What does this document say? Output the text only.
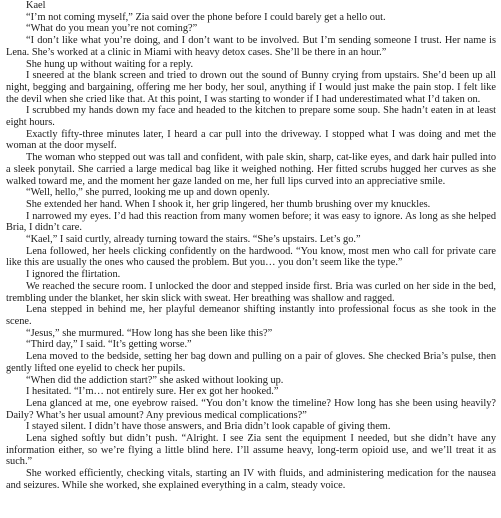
Kael

“I’m not coming myself,” Zia said over the phone before I could barely get a hello out.

“What do you mean you’re not coming?”

“I don’t like what you’re doing, and I don’t want to be involved. But I’m sending someone I trust. Her name is Lena. She’s worked at a clinic in Miami with heavy detox cases. She’ll be there in an hour.”

She hung up without waiting for a reply.

I sneered at the blank screen and tried to drown out the sound of Bunny crying from upstairs. She’d been up all night, begging and bargaining, offering me her body, her soul, anything if I would just make the pain stop. I felt like the devil when she cried like that. At this point, I was starting to wonder if I had underestimated what I’d taken on.

I scrubbed my hands down my face and headed to the kitchen to prepare some soup. She hadn’t eaten in at least eight hours.

Exactly fifty-three minutes later, I heard a car pull into the driveway. I stopped what I was doing and met the woman at the door myself.

The woman who stepped out was tall and confident, with pale skin, sharp, cat-like eyes, and dark hair pulled into a sleek ponytail. She carried a large medical bag like it weighed nothing. Her fitted scrubs hugged her curves as she walked toward me, and the moment her gaze landed on me, her full lips curved into an appreciative smile.

“Well, hello,” she purred, looking me up and down openly.

She extended her hand. When I shook it, her grip lingered, her thumb brushing over my knuckles.

I narrowed my eyes. I’d had this reaction from many women before; it was easy to ignore. As long as she helped Bria, I didn’t care.

“Kael,” I said curtly, already turning toward the stairs. “She’s upstairs. Let’s go.”

Lena followed, her heels clicking confidently on the hardwood. “You know, most men who call for private care like this are usually the ones who caused the problem. But you… you don’t seem like the type.”

I ignored the flirtation.

We reached the secure room. I unlocked the door and stepped inside first. Bria was curled on her side in the bed, trembling under the blanket, her skin slick with sweat. Her breathing was shallow and ragged.

Lena stepped in behind me, her playful demeanor shifting instantly into professional focus as she took in the scene.

“Jesus,” she murmured. “How long has she been like this?”

“Third day,” I said. “It’s getting worse.”

Lena moved to the bedside, setting her bag down and pulling on a pair of gloves. She checked Bria’s pulse, then gently lifted one eyelid to check her pupils.

“When did the addiction start?” she asked without looking up.

I hesitated. “I’m… not entirely sure. Her ex got her hooked.”

Lena glanced at me, one eyebrow raised. “You don’t know the timeline? How long has she been using heavily? Daily? What’s her usual amount? Any previous medical complications?”

I stayed silent. I didn’t have those answers, and Bria didn’t look capable of giving them.

Lena sighed softly but didn’t push. “Alright. I see Zia sent the equipment I needed, but she didn’t have any information either, so we’re flying a little blind here. I’ll assume heavy, long-term opioid use, and we’ll treat it as such.”

She worked efficiently, checking vitals, starting an IV with fluids, and administering medication for the nausea and seizures. While she worked, she explained everything in a calm, steady voice.
